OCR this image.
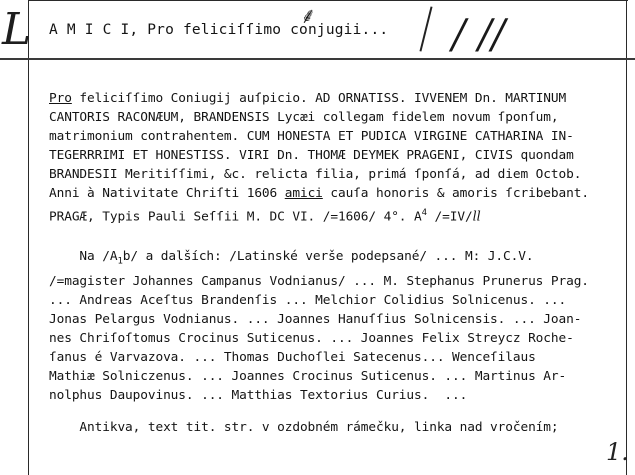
L A M I C I, Pro feliciſſimo conjugii...
⸙	/ //
Pro feliciſſimo Coniugij auſpicio. AD ORNATISS. IVVENEM Dn. MARTINUM
CANTORIS RACONÆUM, BRANDENSIS Lycæi collegam fidelem novum ſponſum,
matrimonium contrahentem. CUM HONESTA ET PUDICA VIRGINE CATHARINA IN-
TEGERRRIMI ET HONESTISS. VIRI Dn. THOMÆ DEYMEK PRAGENI, CIVIS quondam
BRANDESII Meritiſſimi, &c. relicta filia, primá ſponſá, ad diem Octob.
Anni à Nativitate Chriſti 1606 amici cauſa honoris & amoris ſcribebant.
PRAGÆ, Typis Pauli Seſſii M. DC VI. /=1606/ 4°. $A^4$ /=IV/ll
Na $/A_1b/$ a dalších: /Latinské verše podepsané/ ... M: J.C.V.
/=magister Johannes Campanus Vodnianus/ ... M. Stephanus Prunerus Prag.
... Andreas Aceſtus Brandenſis ... Melchior Colidius Solnicenus. ...
Jonas Pelargus Vodnianus. ... Joannes Hanuſſius Solnicensis. ... Joan-
nes Chriſoſtomus Crocinus Suticenus. ... Joannes Felix Streycz Roche-
ſanus é Varvazova. ... Thomas Duchoſlei Satecenus... Wenceſilaus
Mathiæ Solniczenus. ... Joannes Crocinus Suticenus. ... Martinus Ar-
nolphus Daupovinus. ... Matthias Textorius Curius.  ...
Antikva, text tit. str. v ozdobném rámečku, linka nad vročením;
1.
